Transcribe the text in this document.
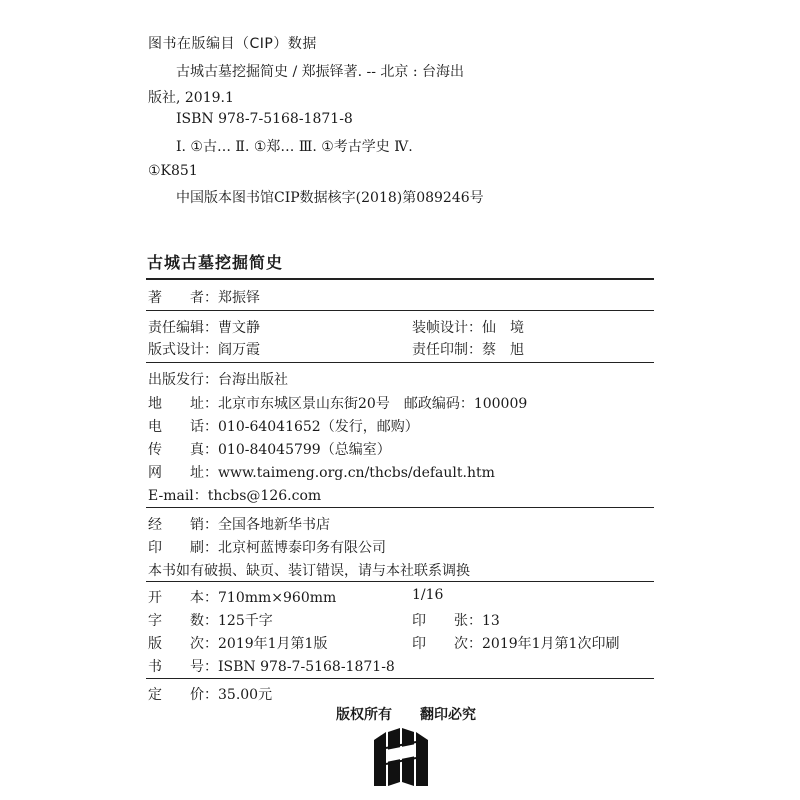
图书在版编目（CIP）数据
古城古墓挖掘简史 / 郑振铎著. -- 北京 : 台海出
版社, 2019.1
ISBN 978-7-5168-1871-8
Ⅰ. ①古… Ⅱ. ①郑… Ⅲ. ①考古学史 Ⅳ.
①K851
中国版本图书馆CIP数据核字(2018)第089246号
古城古墓挖掘简史
著　　者：郑振铎
责任编辑：曹文静	装帧设计：仙　境
版式设计：阎万霞	责任印制：蔡　旭
出版发行：台海出版社
地　　址：北京市东城区景山东街20号　邮政编码：100009
电　　话：010-64041652（发行，邮购）
传　　真：010-84045799（总编室）
网　　址：www.taimeng.org.cn/thcbs/default.htm
E-mail：thcbs@126.com
经　　销：全国各地新华书店
印　　刷：北京柯蓝博泰印务有限公司
本书如有破损、缺页、装订错误，请与本社联系调换
开　　本：710mm×960mm	1/16
字　　数：125千字	印　　张：13
版　　次：2019年1月第1版	印　　次：2019年1月第1次印刷
书　　号：ISBN 978-7-5168-1871-8
定　　价：35.00元
版权所有 翻印必究
